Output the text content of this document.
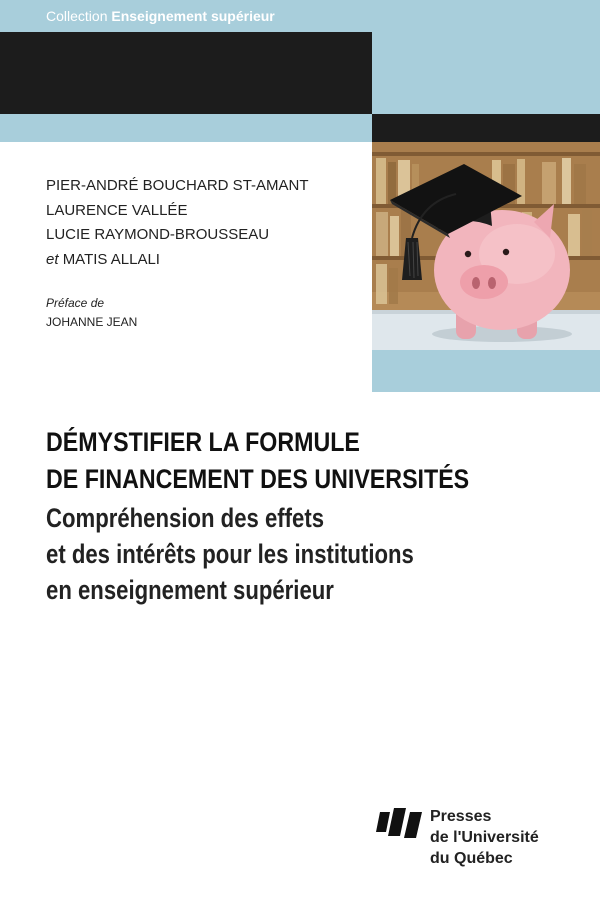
Collection Enseignement supérieur
PIER-ANDRÉ BOUCHARD ST-AMANT
LAURENCE VALLÉE
LUCIE RAYMOND-BROUSSEAU
et MATIS ALLALI
Préface de
JOHANNE JEAN
DÉMYSTIFIER LA FORMULE
DE FINANCEMENT DES UNIVERSITÉS
Compréhension des effets
et des intérêts pour les institutions
en enseignement supérieur
Presses
de l'Université
du Québec
